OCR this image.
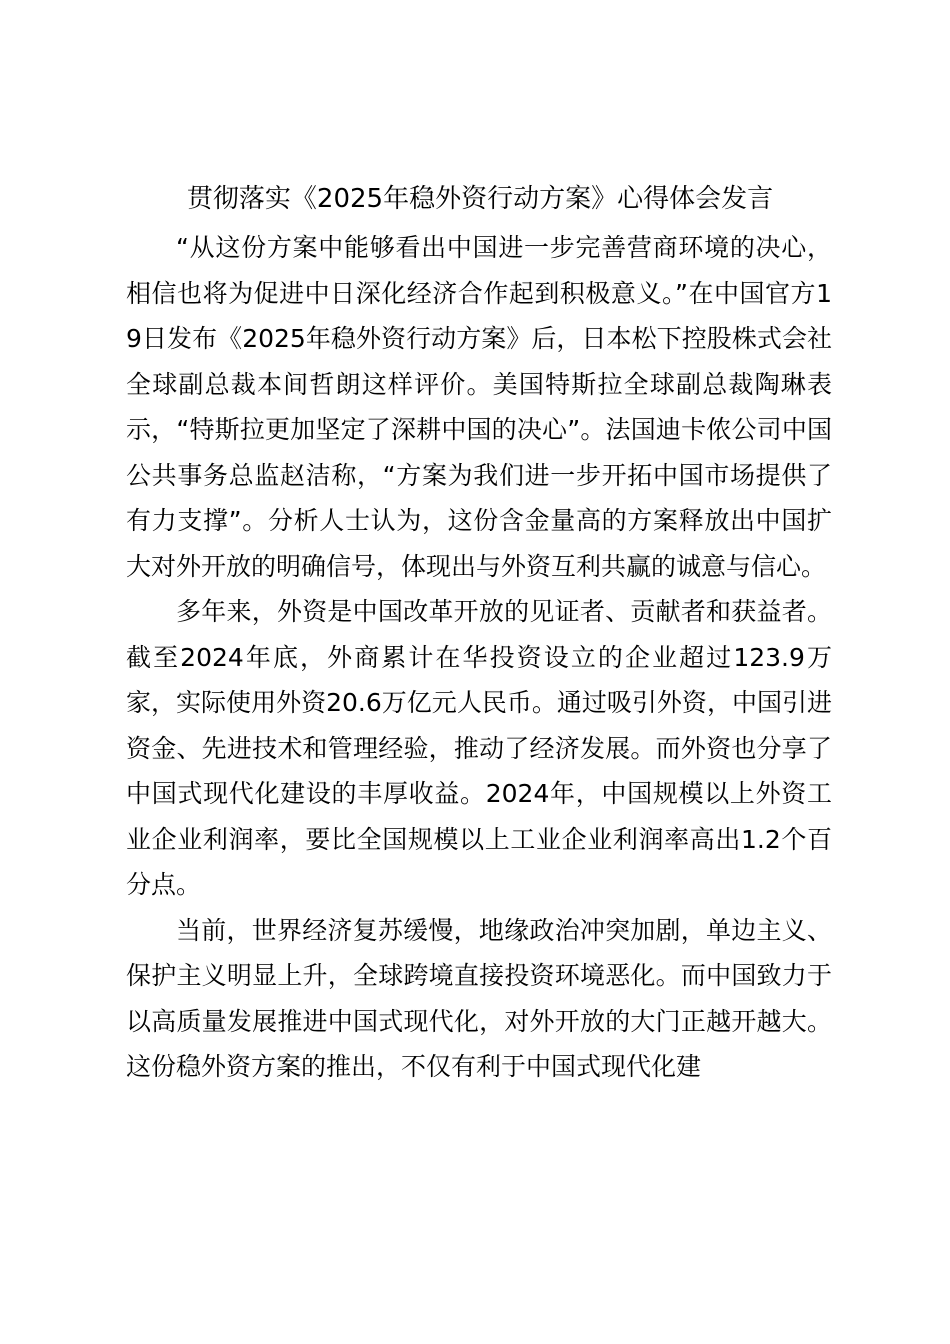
贯彻落实《2025年稳外资行动方案》心得体会发言

“从这份方案中能够看出中国进一步完善营商环境的决心，相信也将为促进中日深化经济合作起到积极意义。”在中国官方19日发布《2025年稳外资行动方案》后，日本松下控股株式会社全球副总裁本间哲朗这样评价。美国特斯拉全球副总裁陶琳表示，“特斯拉更加坚定了深耕中国的决心”。法国迪卡侬公司中国公共事务总监赵洁称，“方案为我们进一步开拓中国市场提供了有力支撑”。分析人士认为，这份含金量高的方案释放出中国扩大对外开放的明确信号，体现出与外资互利共赢的诚意与信心。

多年来，外资是中国改革开放的见证者、贡献者和获益者。截至2024年底，外商累计在华投资设立的企业超过123.9万家，实际使用外资20.6万亿元人民币。通过吸引外资，中国引进资金、先进技术和管理经验，推动了经济发展。而外资也分享了中国式现代化建设的丰厚收益。2024年，中国规模以上外资工业企业利润率，要比全国规模以上工业企业利润率高出1.2个百分点。

当前，世界经济复苏缓慢，地缘政治冲突加剧，单边主义、保护主义明显上升，全球跨境直接投资环境恶化。而中国致力于以高质量发展推进中国式现代化，对外开放的大门正越开越大。这份稳外资方案的推出，不仅有利于中国式现代化建
